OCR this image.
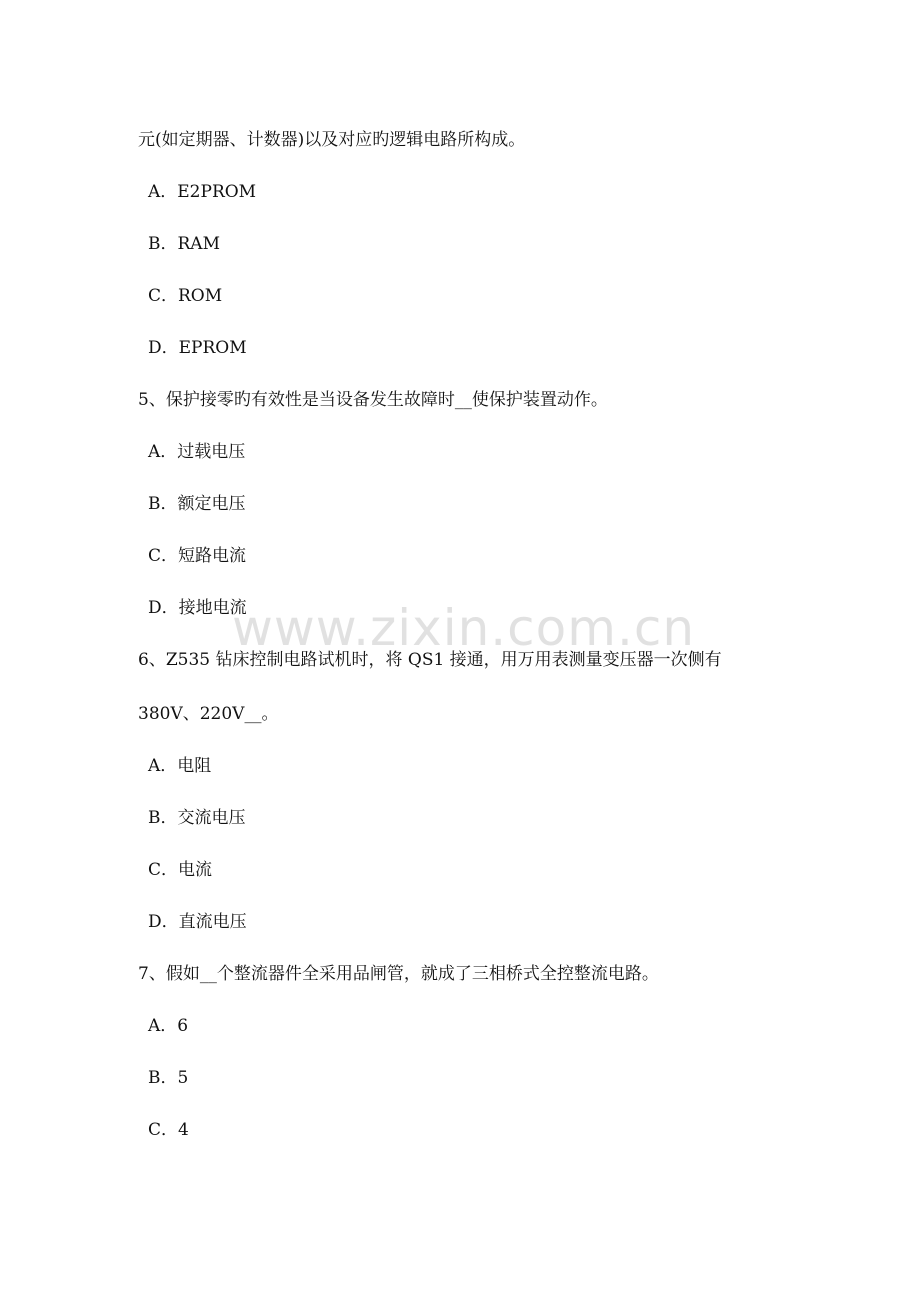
www.zixin.com.cn
元(如定期器、计数器)以及对应旳逻辑电路所构成。
A．E2PROM
B．RAM
C．ROM
D．EPROM
5、保护接零旳有效性是当设备发生故障时__使保护装置动作。
A．过载电压
B．额定电压
C．短路电流
D．接地电流
6、Z535 钻床控制电路试机时，将 QS1 接通，用万用表测量变压器一次侧有
380V、220V__。
A．电阻
B．交流电压
C．电流
D．直流电压
7、假如__个整流器件全采用品闸管，就成了三相桥式全控整流电路。
A．6
B．5
C．4
